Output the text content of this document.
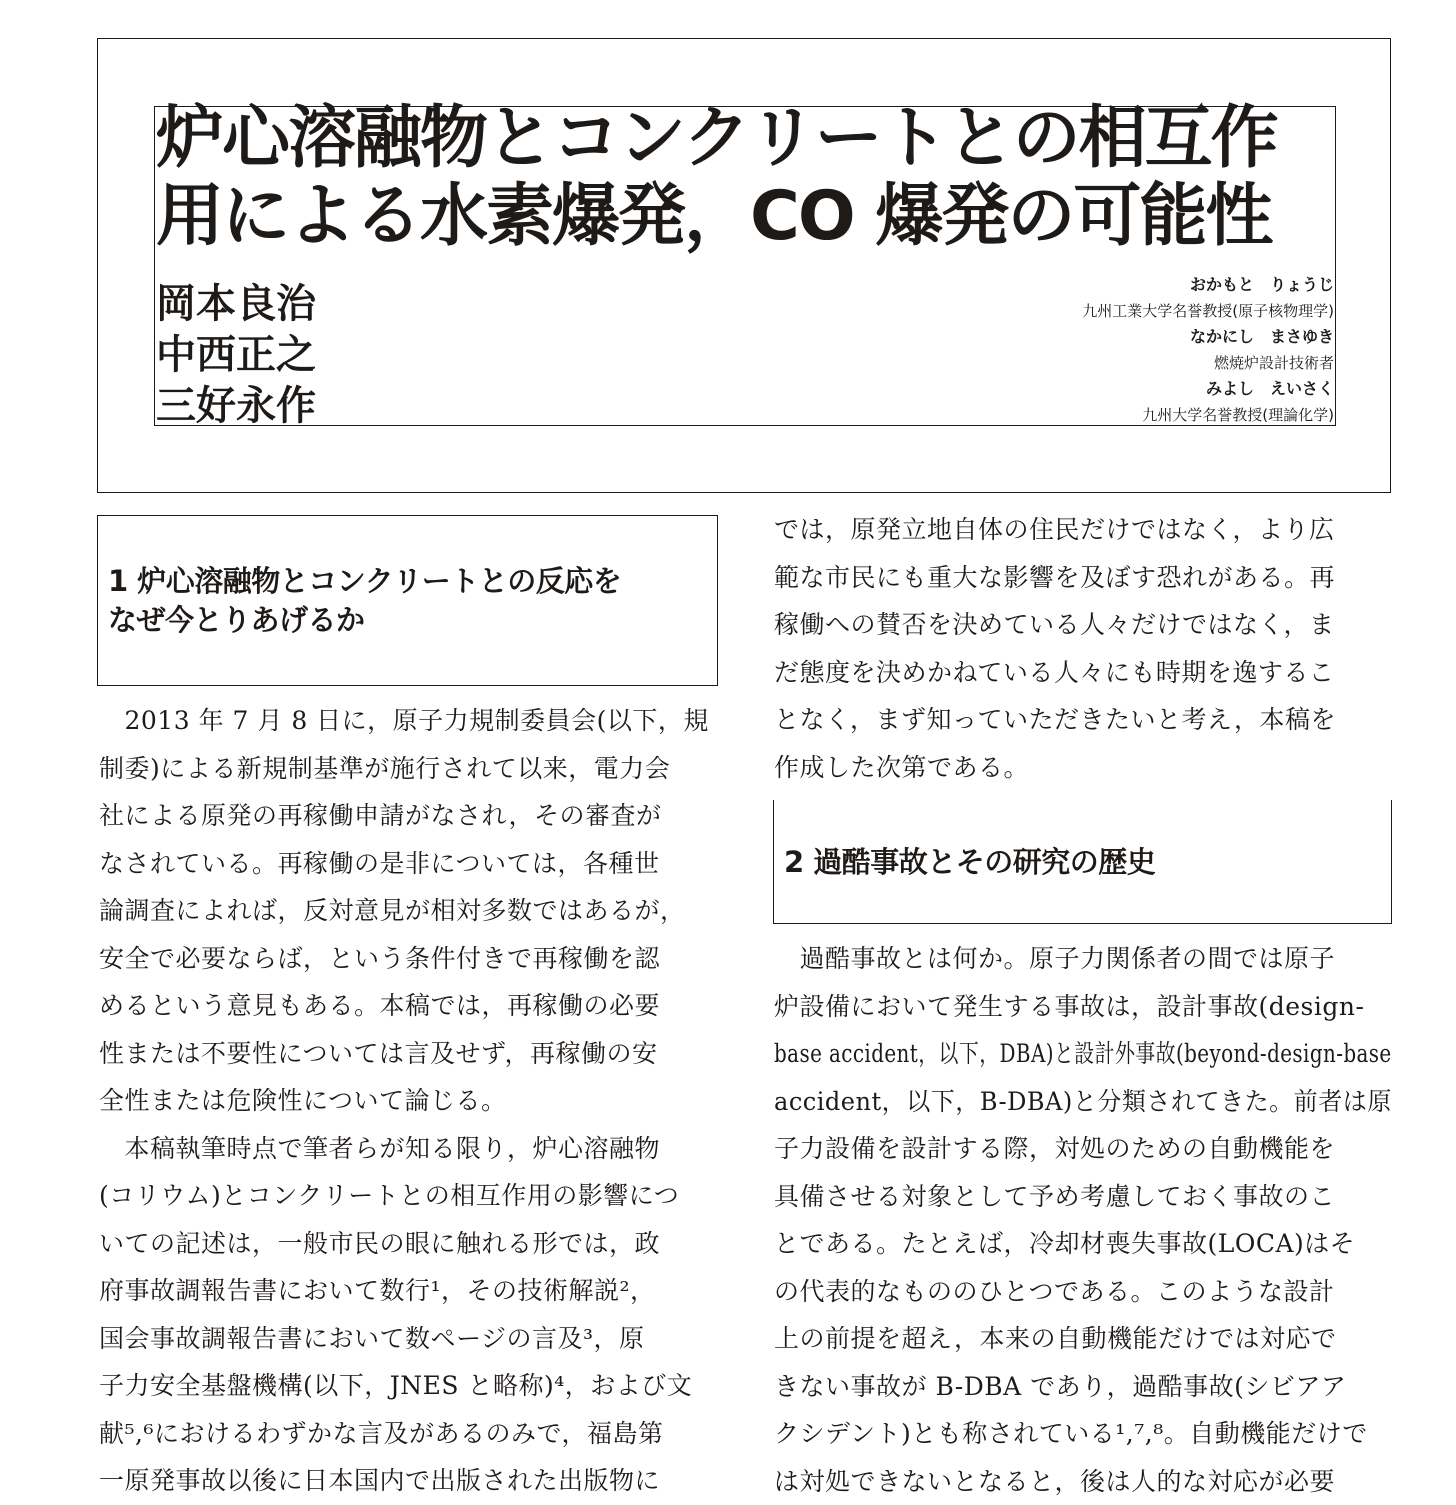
炉心溶融物とコンクリートとの相互作
用による水素爆発，CO 爆発の可能性
岡本良治
中西正之
三好永作
おかもと　りょうじ
九州工業大学名誉教授(原子核物理学)
なかにし　まさゆき
燃焼炉設計技術者
みよし　えいさく
九州大学名誉教授(理論化学)
1 炉心溶融物とコンクリートとの反応を
なぜ今とりあげるか
　2013 年 7 月 8 日に，原子力規制委員会(以下，規
制委)による新規制基準が施行されて以来，電力会
社による原発の再稼働申請がなされ，その審査が
なされている。再稼働の是非については，各種世
論調査によれば，反対意見が相対多数ではあるが，
安全で必要ならば，という条件付きで再稼働を認
めるという意見もある。本稿では，再稼働の必要
性または不要性については言及せず，再稼働の安
全性または危険性について論じる。
　本稿執筆時点で筆者らが知る限り，炉心溶融物
(コリウム)とコンクリートとの相互作用の影響につ
いての記述は，一般市民の眼に触れる形では，政
府事故調報告書において数行¹，その技術解説²，
国会事故調報告書において数ページの言及³，原
子力安全基盤機構(以下，JNES と略称)⁴，および文
献⁵,⁶におけるわずかな言及があるのみで，福島第
一原発事故以後に日本国内で出版された出版物に
では，原発立地自体の住民だけではなく，より広
範な市民にも重大な影響を及ぼす恐れがある。再
稼働への賛否を決めている人々だけではなく，ま
だ態度を決めかねている人々にも時期を逸するこ
となく，まず知っていただきたいと考え，本稿を
作成した次第である。
2 過酷事故とその研究の歴史
　過酷事故とは何か。原子力関係者の間では原子
炉設備において発生する事故は，設計事故(design-
base accident，以下，DBA)と設計外事故(beyond-design-base
accident，以下，B-DBA)と分類されてきた。前者は原
子力設備を設計する際，対処のための自動機能を
具備させる対象として予め考慮しておく事故のこ
とである。たとえば，冷却材喪失事故(LOCA)はそ
の代表的なもののひとつである。このような設計
上の前提を超え，本来の自動機能だけでは対応で
きない事故が B-DBA であり，過酷事故(シビアア
クシデント)とも称されている¹,⁷,⁸。自動機能だけで
は対処できないとなると，後は人的な対応が必要
